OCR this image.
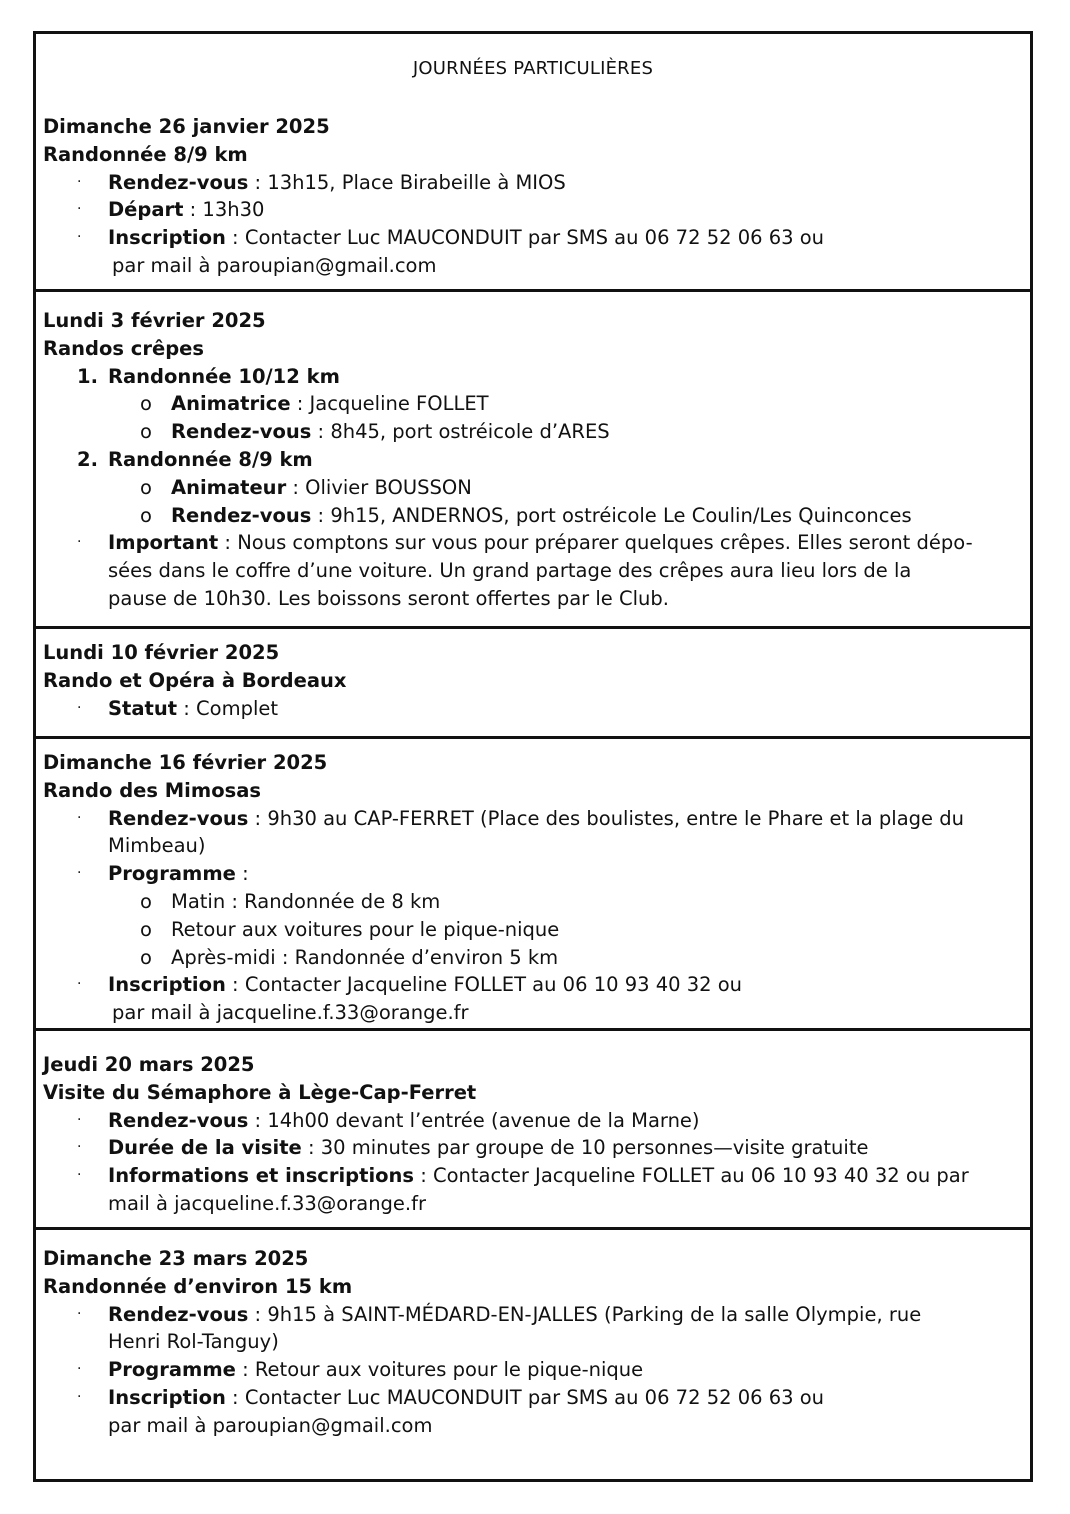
JOURNÉES PARTICULIÈRES
Dimanche 26 janvier 2025
Randonnée 8/9 km
· Rendez-vous : 13h15, Place Birabeille à MIOS
· Départ : 13h30
· Inscription : Contacter Luc MAUCONDUIT par SMS au 06 72 52 06 63 ou
par mail à paroupian@gmail.com
Lundi 3 février 2025
Randos crêpes
1. Randonnée 10/12 km
o Animatrice : Jacqueline FOLLET
o Rendez-vous : 8h45, port ostréicole d’ARES
2. Randonnée 8/9 km
o Animateur : Olivier BOUSSON
o Rendez-vous : 9h15, ANDERNOS, port ostréicole Le Coulin/Les Quinconces
· Important : Nous comptons sur vous pour préparer quelques crêpes. Elles seront dépo-
sées dans le coffre d’une voiture. Un grand partage des crêpes aura lieu lors de la
pause de 10h30. Les boissons seront offertes par le Club.
Lundi 10 février 2025
Rando et Opéra à Bordeaux
· Statut : Complet
Dimanche 16 février 2025
Rando des Mimosas
· Rendez-vous : 9h30 au CAP-FERRET (Place des boulistes, entre le Phare et la plage du
Mimbeau)
· Programme :
o Matin : Randonnée de 8 km
o Retour aux voitures pour le pique-nique
o Après-midi : Randonnée d’environ 5 km
· Inscription : Contacter Jacqueline FOLLET au 06 10 93 40 32 ou
par mail à jacqueline.f.33@orange.fr
Jeudi 20 mars 2025
Visite du Sémaphore à Lège-Cap-Ferret
· Rendez-vous : 14h00 devant l’entrée (avenue de la Marne)
· Durée de la visite : 30 minutes par groupe de 10 personnes—visite gratuite
· Informations et inscriptions : Contacter Jacqueline FOLLET au 06 10 93 40 32 ou par
mail à jacqueline.f.33@orange.fr
Dimanche 23 mars 2025
Randonnée d’environ 15 km
· Rendez-vous : 9h15 à SAINT-MÉDARD-EN-JALLES (Parking de la salle Olympie, rue
Henri Rol-Tanguy)
· Programme : Retour aux voitures pour le pique-nique
· Inscription : Contacter Luc MAUCONDUIT par SMS au 06 72 52 06 63 ou
par mail à paroupian@gmail.com
